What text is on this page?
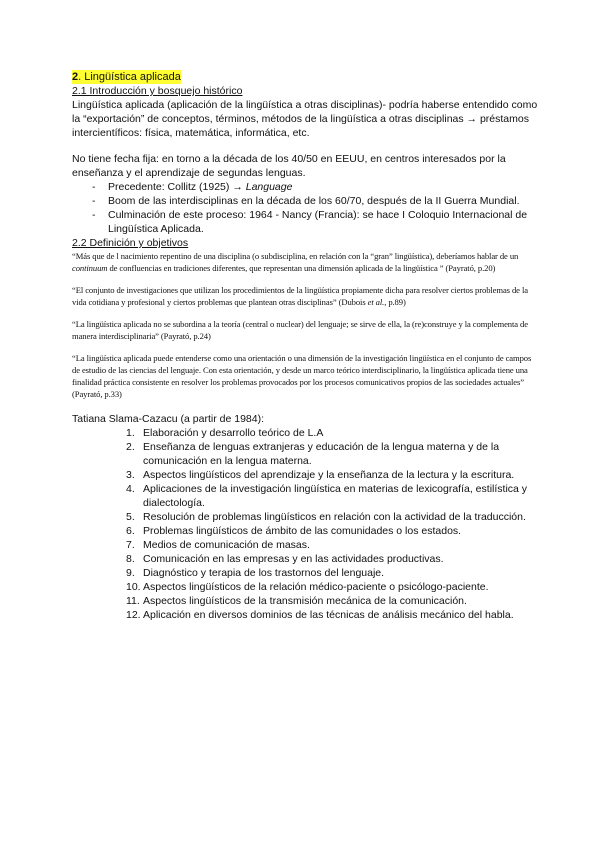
2. Lingüística aplicada
2.1 Introducción y bosquejo histórico

Lingüística aplicada (aplicación de la lingüística a otras disciplinas)- podría haberse entendido como la “exportación” de conceptos, términos, métodos de la lingüística a otras disciplinas → préstamos intercientíficos: física, matemática, informática, etc.

No tiene fecha fija: en torno a la década de los 40/50 en EEUU, en centros interesados por la enseñanza y el aprendizaje de segundas lenguas.

- Precedente: Collitz (1925) → Language
- Boom de las interdisciplinas en la década de los 60/70, después de la II Guerra Mundial.
- Culminación de este proceso: 1964 - Nancy (Francia): se hace I Coloquio Internacional de Lingüística Aplicada.
2.2 Definición y objetivos

“Más que de l nacimiento repentino de una disciplina (o subdisciplina, en relación con la “gran” lingüística), deberíamos hablar de un continuum de confluencias en tradiciones diferentes, que representan una dimensión aplicada de la lingüística ” (Payrató, p.20)

“El conjunto de investigaciones que utilizan los procedimientos de la lingüística propiamente dicha para resolver ciertos problemas de la vida cotidiana y profesional y ciertos problemas que plantean otras disciplinas” (Dubois et al., p.89)

“La lingüística aplicada no se subordina a la teoría (central o nuclear) del lenguaje; se sirve de ella, la (re)construye y la complementa de manera interdisciplinaria” (Payrató, p.24)

“La lingüística aplicada puede entenderse como una orientación o una dimensión de la investigación lingüística en el conjunto de campos de estudio de las ciencias del lenguaje. Con esta orientación, y desde un marco teórico interdisciplinario, la lingüística aplicada tiene una finalidad práctica consistente en resolver los problemas provocados por los procesos comunicativos propios de las sociedades actuales” (Payrató, p.33)

Tatiana Slama-Cazacu (a partir de 1984):
1. Elaboración y desarrollo teórico de L.A
2. Enseñanza de lenguas extranjeras y educación de la lengua materna y de la comunicación en la lengua materna.
3. Aspectos lingüísticos del aprendizaje y la enseñanza de la lectura y la escritura.
4. Aplicaciones de la investigación lingüística en materias de lexicografía, estilística y dialectología.
5. Resolución de problemas lingüísticos en relación con la actividad de la traducción.
6. Problemas lingüísticos de ámbito de las comunidades o los estados.
7. Medios de comunicación de masas.
8. Comunicación en las empresas y en las actividades productivas.
9. Diagnóstico y terapia de los trastornos del lenguaje.
10. Aspectos lingüísticos de la relación médico-paciente o psicólogo-paciente.
11. Aspectos lingüísticos de la transmisión mecánica de la comunicación.
12. Aplicación en diversos dominios de las técnicas de análisis mecánico del habla.
